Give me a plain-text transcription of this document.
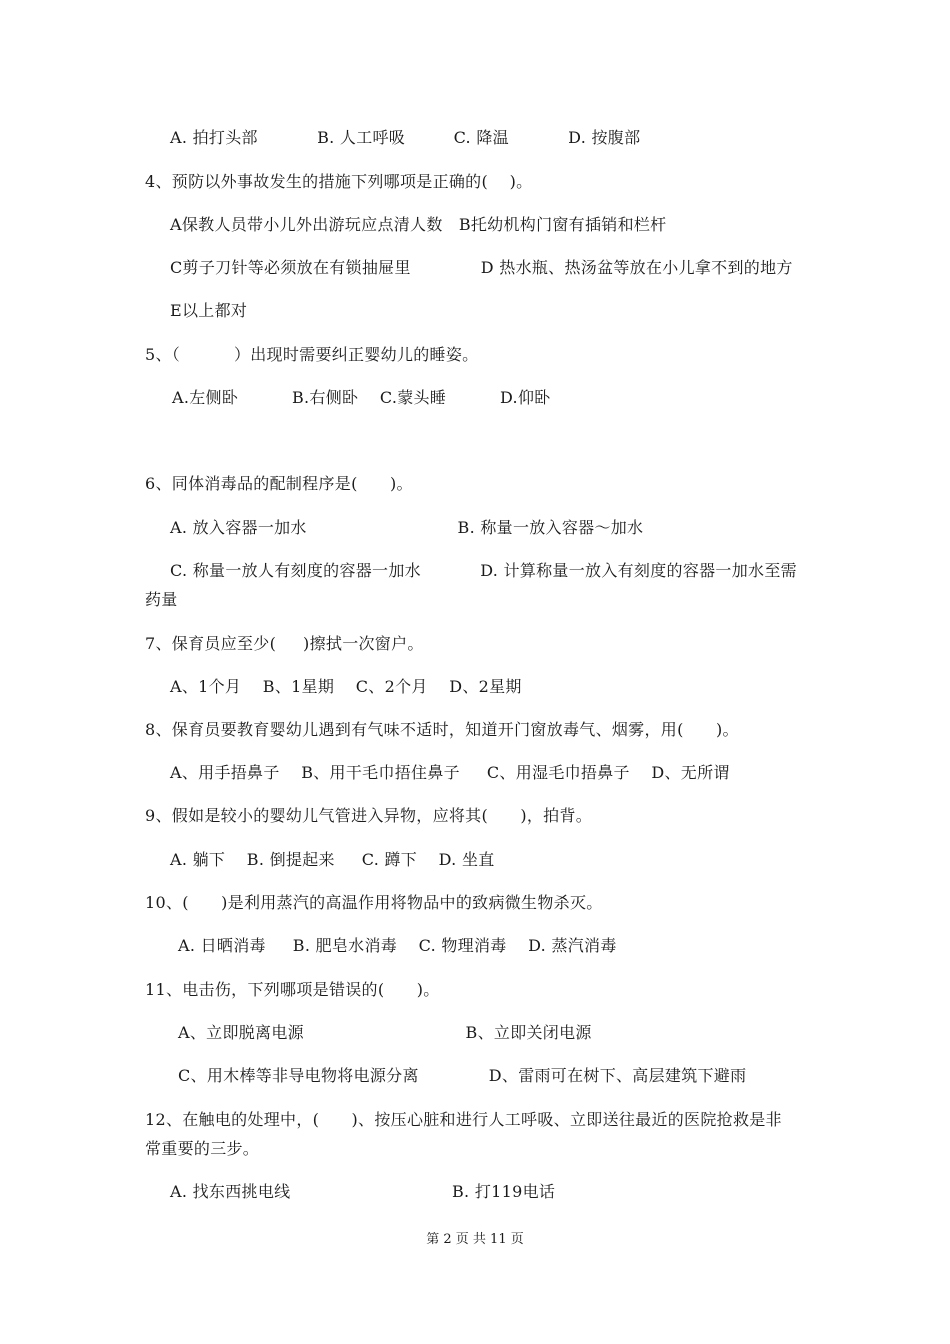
A. 拍打头部           B. 人工呼吸         C. 降温           D. 按腹部
4、预防以外事故发生的措施下列哪项是正确的(    )。
A保教人员带小儿外出游玩应点清人数   B托幼机构门窗有插销和栏杆
C剪子刀针等必须放在有锁抽屉里             D 热水瓶、热汤盆等放在小儿拿不到的地方
E以上都对
5、（          ）出现时需要纠正婴幼儿的睡姿。
A.左侧卧          B.右侧卧    C.蒙头睡          D.仰卧
6、同体消毒品的配制程序是(      )。
A. 放入容器一加水                            B. 称量一放入容器～加水
C. 称量一放人有刻度的容器一加水           D. 计算称量一放入有刻度的容器一加水至需
药量
7、保育员应至少(     )擦拭一次窗户。
A、1个月    B、1星期    C、2个月    D、2星期
8、保育员要教育婴幼儿遇到有气味不适时，知道开门窗放毒气、烟雾，用(      )。
A、用手捂鼻子    B、用干毛巾捂住鼻子     C、用湿毛巾捂鼻子    D、无所谓
9、假如是较小的婴幼儿气管进入异物，应将其(      )，拍背。
A. 躺下    B. 倒提起来     C. 蹲下    D. 坐直
10、(      )是利用蒸汽的高温作用将物品中的致病微生物杀灭。
A. 日晒消毒     B. 肥皂水消毒    C. 物理消毒    D. 蒸汽消毒
11、电击伤，下列哪项是错误的(      )。
A、立即脱离电源                              B、立即关闭电源
C、用木棒等非导电物将电源分离             D、雷雨可在树下、高层建筑下避雨
12、在触电的处理中，(      )、按压心脏和进行人工呼吸、立即送往最近的医院抢救是非
常重要的三步。
A. 找东西挑电线                              B. 打119电话
第 2 页 共 11 页
